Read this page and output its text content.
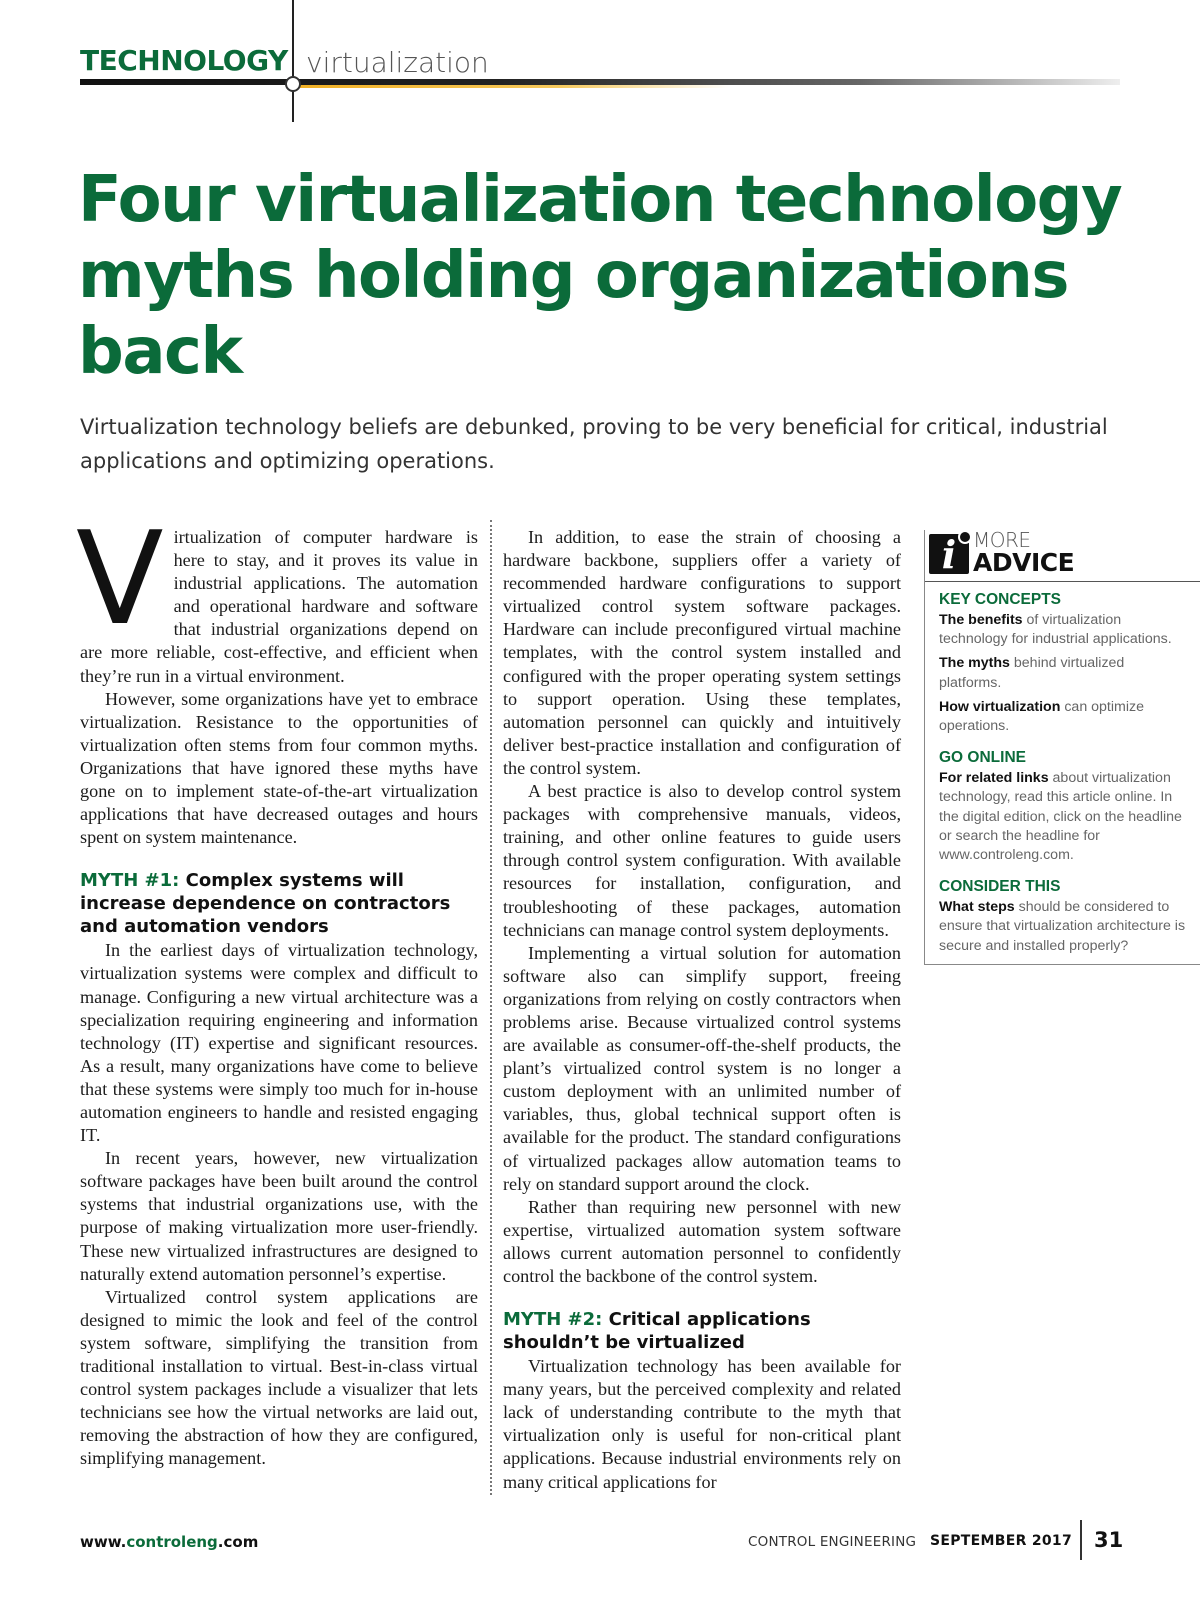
TECHNOLOGY virtualization
Four virtualization technology myths holding organizations back
Virtualization technology beliefs are debunked, proving to be very beneficial for critical, industrial applications and optimizing operations.

Virtualization of computer hardware is here to stay, and it proves its value in industrial applications. The automation and operational hardware and software that industrial organizations depend on are more reliable, cost-effective, and efficient when they’re run in a virtual environment.

However, some organizations have yet to embrace virtualization. Resistance to the opportunities of virtualization often stems from four common myths. Organizations that have ignored these myths have gone on to implement state-of-the-art virtualization applications that have decreased outages and hours spent on system maintenance.

MYTH #1: Complex systems will increase dependence on contractors and automation vendors

In the earliest days of virtualization technology, virtualization systems were complex and difficult to manage. Configuring a new virtual architecture was a specialization requiring engineering and information technology (IT) expertise and significant resources. As a result, many organizations have come to believe that these systems were simply too much for in-house automation engineers to handle and resisted engaging IT.

In recent years, however, new virtualization software packages have been built around the control systems that industrial organizations use, with the purpose of making virtualization more user-friendly. These new virtualized infrastructures are designed to naturally extend automation personnel’s expertise.

Virtualized control system applications are designed to mimic the look and feel of the control system software, simplifying the transition from traditional installation to virtual. Best-in-class virtual control system packages include a visualizer that lets technicians see how the virtual networks are laid out, removing the abstraction of how they are configured, simplifying management.

In addition, to ease the strain of choosing a hardware backbone, suppliers offer a variety of recommended hardware configurations to support virtualized control system software packages. Hardware can include preconfigured virtual machine templates, with the control system installed and configured with the proper operating system settings to support operation. Using these templates, automation personnel can quickly and intuitively deliver best-practice installation and configuration of the control system.

A best practice is also to develop control system packages with comprehensive manuals, videos, training, and other online features to guide users through control system configuration. With available resources for installation, configuration, and troubleshooting of these packages, automation technicians can manage control system deployments.

Implementing a virtual solution for automation software also can simplify support, freeing organizations from relying on costly contractors when problems arise. Because virtualized control systems are available as consumer-off-the-shelf products, the plant’s virtualized control system is no longer a custom deployment with an unlimited number of variables, thus, global technical support often is available for the product. The standard configurations of virtualized packages allow automation teams to rely on standard support around the clock.

Rather than requiring new personnel with new expertise, virtualized automation system software allows current automation personnel to confidently control the backbone of the control system.

MYTH #2: Critical applications shouldn’t be virtualized

Virtualization technology has been available for many years, but the perceived complexity and related lack of understanding contribute to the myth that virtualization only is useful for non-critical plant applications. Because industrial environments rely on many critical applications for

i MORE
ADVICE
KEY CONCEPTS
The benefits of virtualization technology for industrial applications.
The myths behind virtualized platforms.
How virtualization can optimize operations.
GO ONLINE
For related links about virtualization technology, read this article online. In the digital edition, click on the headline or search the headline for www.controleng.com.
CONSIDER THIS
What steps should be considered to ensure that virtualization architecture is secure and installed properly?
www.controleng.com	CONTROL ENGINEERING SEPTEMBER 2017 31
